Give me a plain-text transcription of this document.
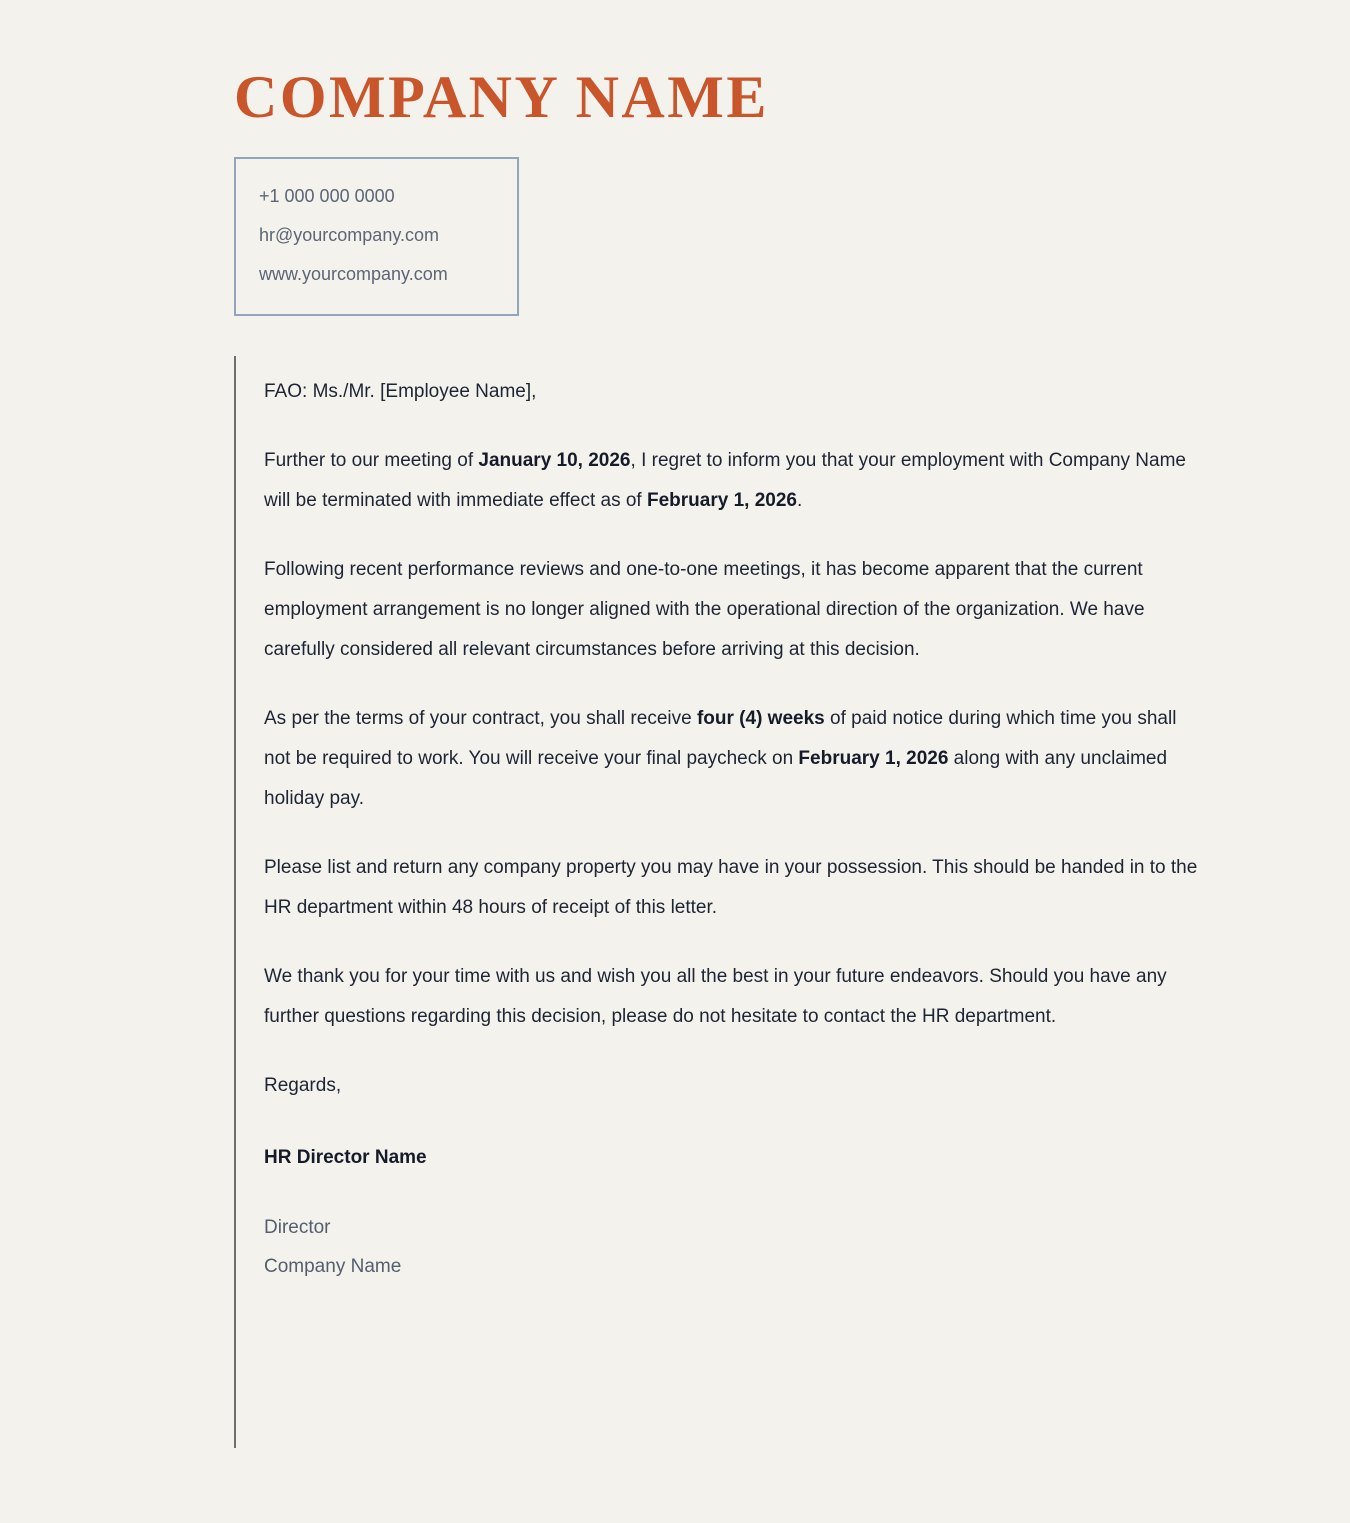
COMPANY NAME
+1 000 000 0000
hr@yourcompany.com
www.yourcompany.com
FAO: Ms./Mr. [Employee Name],
Further to our meeting of January 10, 2026, I regret to inform you that your employment with Company Name will be terminated with immediate effect as of February 1, 2026.
Following recent performance reviews and one-to-one meetings, it has become apparent that the current employment arrangement is no longer aligned with the operational direction of the organization. We have carefully considered all relevant circumstances before arriving at this decision.
As per the terms of your contract, you shall receive four (4) weeks of paid notice during which time you shall not be required to work. You will receive your final paycheck on February 1, 2026 along with any unclaimed holiday pay.
Please list and return any company property you may have in your possession. This should be handed in to the HR department within 48 hours of receipt of this letter.
We thank you for your time with us and wish you all the best in your future endeavors. Should you have any further questions regarding this decision, please do not hesitate to contact the HR department.
Regards,
HR Director Name
Director
Company Name
